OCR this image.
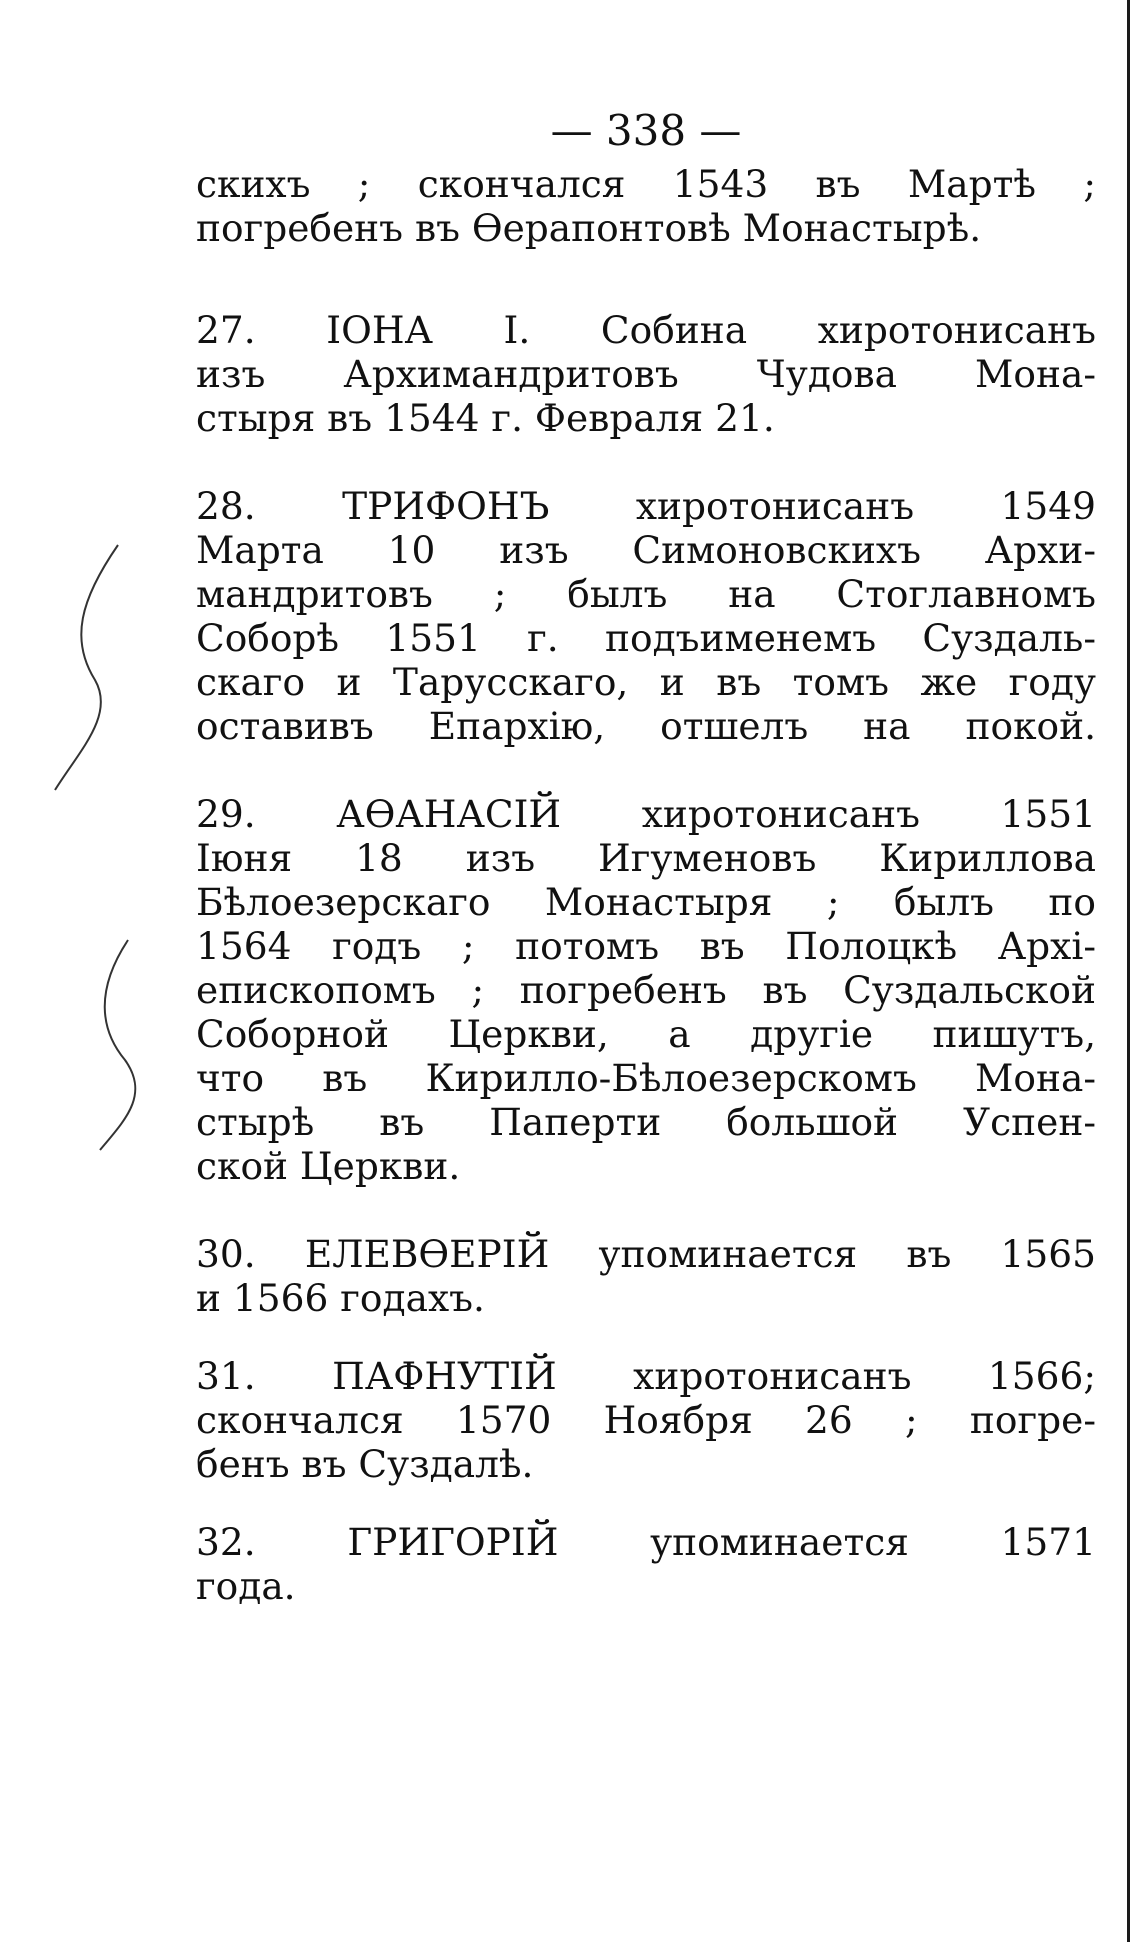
— 338 —
скихъ ; скончался 1543 въ Мартѣ ;
погребенъ въ Өерапонтовѣ Монастырѣ.
27. ІОНА I. Собина хиротонисанъ
изъ Архимандритовъ Чудова Мона-
стыря въ 1544 г. Февраля 21.
28. ТРИФОНЪ хиротонисанъ 1549
Марта 10 изъ Симоновскихъ Архи-
мандритовъ ; былъ на Стоглавномъ
Соборѣ 1551 г. подъименемъ Суздаль-
скаго и Тарусскаго, и въ томъ же году
оставивъ Епархію, отшелъ на покой.
29. АӨАНАСІЙ хиротонисанъ 1551
Іюня 18 изъ Игуменовъ Кириллова
Бѣлоезерскаго Монастыря ; былъ по
1564 годъ ; потомъ въ Полоцкѣ Архі-
епископомъ ; погребенъ въ Суздальской
Соборной Церкви, а другіе пишутъ,
что въ Кирилло-Бѣлоезерскомъ Мона-
стырѣ въ Паперти большой Успен-
ской Церкви.
30. ЕЛЕВӨЕРІЙ упоминается въ 1565
и 1566 годахъ.
31. ПАФНУТІЙ хиротонисанъ 1566;
скончался 1570 Ноября 26 ; погре-
бенъ въ Суздалѣ.
32. ГРИГОРІЙ упоминается 1571
года.
